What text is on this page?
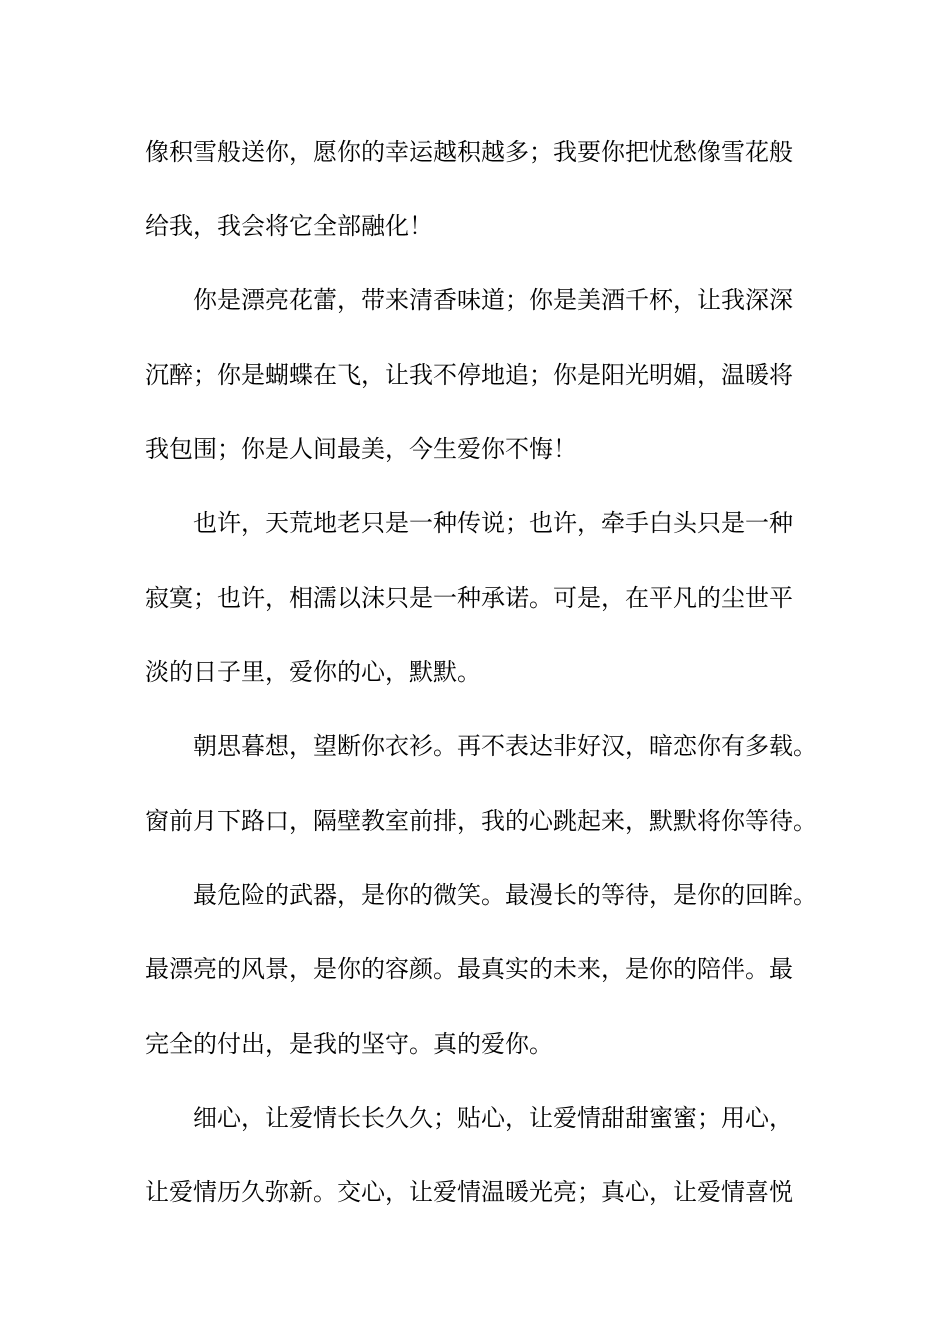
像积雪般送你，愿你的幸运越积越多；我要你把忧愁像雪花般
给我，我会将它全部融化！
你是漂亮花蕾，带来清香味道；你是美酒千杯，让我深深
沉醉；你是蝴蝶在飞，让我不停地追；你是阳光明媚，温暖将
我包围；你是人间最美，今生爱你不悔！
也许，天荒地老只是一种传说；也许，牵手白头只是一种
寂寞；也许，相濡以沫只是一种承诺。可是，在平凡的尘世平
淡的日子里，爱你的心，默默。
朝思暮想，望断你衣衫。再不表达非好汉，暗恋你有多载。
窗前月下路口，隔壁教室前排，我的心跳起来，默默将你等待。
最危险的武器，是你的微笑。最漫长的等待，是你的回眸。
最漂亮的风景，是你的容颜。最真实的未来，是你的陪伴。最
完全的付出，是我的坚守。真的爱你。
细心，让爱情长长久久；贴心，让爱情甜甜蜜蜜；用心，
让爱情历久弥新。交心，让爱情温暖光亮；真心，让爱情喜悦
